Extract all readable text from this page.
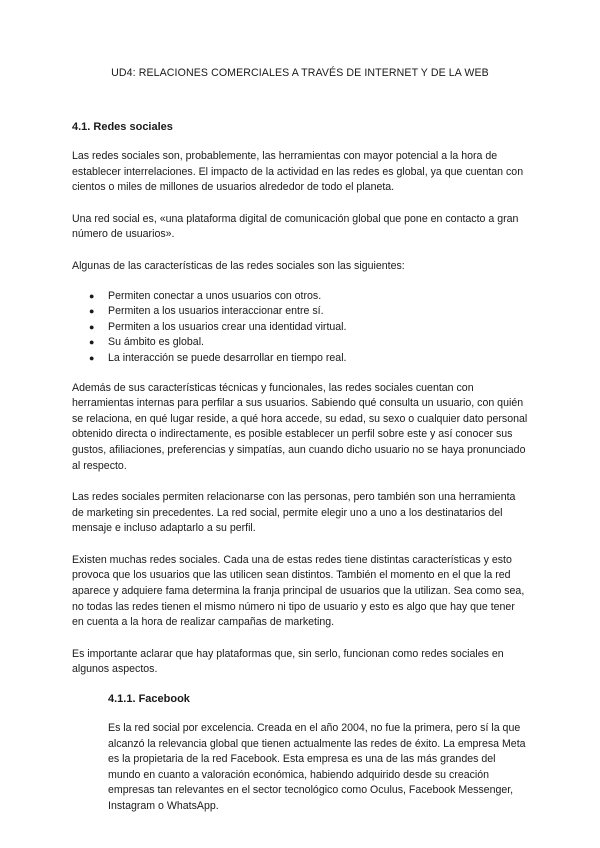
UD4: RELACIONES COMERCIALES A TRAVÉS DE INTERNET Y DE LA WEB
4.1. Redes sociales

Las redes sociales son, probablemente, las herramientas con mayor potencial a la hora de establecer interrelaciones. El impacto de la actividad en las redes es global, ya que cuentan con cientos o miles de millones de usuarios alrededor de todo el planeta.

Una red social es, «una plataforma digital de comunicación global que pone en contacto a gran número de usuarios».

Algunas de las características de las redes sociales son las siguientes:

● Permiten conectar a unos usuarios con otros.
● Permiten a los usuarios interaccionar entre sí.
● Permiten a los usuarios crear una identidad virtual.
● Su ámbito es global.
● La interacción se puede desarrollar en tiempo real.

Además de sus características técnicas y funcionales, las redes sociales cuentan con herramientas internas para perfilar a sus usuarios. Sabiendo qué consulta un usuario, con quién se relaciona, en qué lugar reside, a qué hora accede, su edad, su sexo o cualquier dato personal obtenido directa o indirectamente, es posible establecer un perfil sobre este y así conocer sus gustos, afiliaciones, preferencias y simpatías, aun cuando dicho usuario no se haya pronunciado al respecto.

Las redes sociales permiten relacionarse con las personas, pero también son una herramienta de marketing sin precedentes. La red social, permite elegir uno a uno a los destinatarios del mensaje e incluso adaptarlo a su perfil.

Existen muchas redes sociales. Cada una de estas redes tiene distintas características y esto provoca que los usuarios que las utilicen sean distintos. También el momento en el que la red aparece y adquiere fama determina la franja principal de usuarios que la utilizan. Sea como sea, no todas las redes tienen el mismo número ni tipo de usuario y esto es algo que hay que tener en cuenta a la hora de realizar campañas de marketing.

Es importante aclarar que hay plataformas que, sin serlo, funcionan como redes sociales en algunos aspectos.

4.1.1. Facebook

Es la red social por excelencia. Creada en el año 2004, no fue la primera, pero sí la que alcanzó la relevancia global que tienen actualmente las redes de éxito. La empresa Meta es la propietaria de la red Facebook. Esta empresa es una de las más grandes del mundo en cuanto a valoración económica, habiendo adquirido desde su creación empresas tan relevantes en el sector tecnológico como Oculus, Facebook Messenger, Instagram o WhatsApp.
